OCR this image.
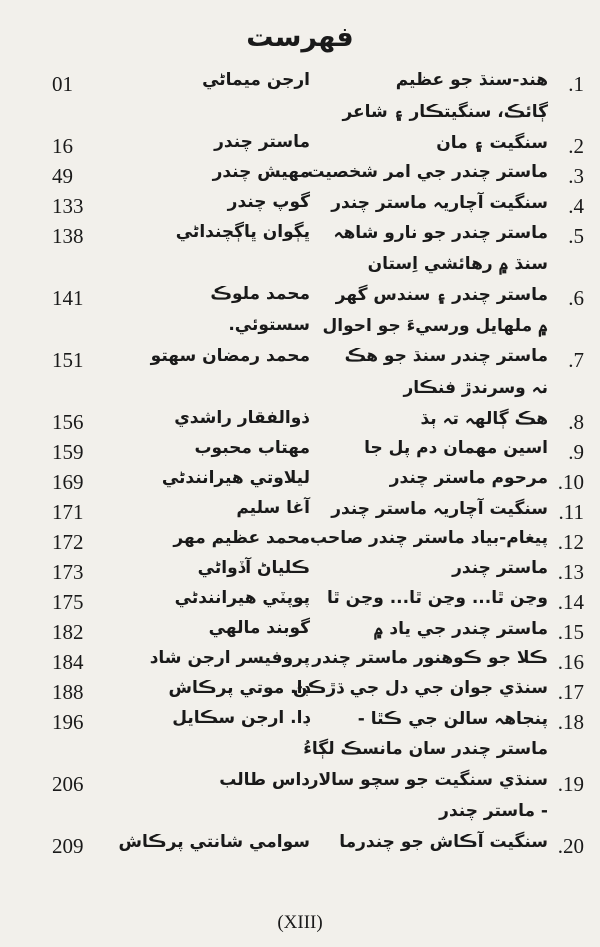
فهرست
.1
هند-سنڌ جو عظيم
ڳائڪ، سنگيتڪار ۽ شاعر
ارجن ميماڻي
01
.2
سنگيت ۽ مان
ماستر چندر
16
.3
ماستر چندر جي امر شخصيت
مهيش چندر
49
.4
سنگيت آچاريہ ماستر چندر
گوپ چندر
133
.5
ماستر چندر جو نارو شاهہ
سنڌ ۾ رهائشي اِستان
ڀڳوان ڀاڳچنداڻي
138
.6
ماستر چندر ۽ سندس گهر
۾ ملهايل ورسيءَ جو احوال
محمد ملوڪ
سستوئي.
141
.7
ماستر چندر سنڌ جو هڪ
نہ وسرندڙ فنڪار
محمد رمضان سهتو
151
.8
هڪ ڳالهہ تہ ٻڌ
ذوالفقار راشدي
156
.9
اسين مهمان دم پل جا
مهتاب محبوب
159
.10
مرحوم ماستر چندر
ليلاوتي هيرانندڻي
169
.11
سنگيت آچاريہ ماستر چندر
آغا سليم
171
.12
پيغام-بياد ماستر چندر صاحب
محمد عظيم مهر
172
.13
ماستر چندر
ڪلياڻ آڏواڻي
173
.14
وڃن ٿا... وڃن ٿا... وڃن ٿا
پوپٽي هيرانندڻي
175
.15
ماستر چندر جي ياد ۾
گوبند مالهي
182
.16
ڪلا جو ڪوهنور ماستر چندر
پروفيسر ارجن شاد
184
.17
سنڌي جوان جي دل جي ڌڙڪڻ
ڊا. موتي پرڪاش
188
.18
پنجاهہ سالن جي ڪٿا -
ماستر چندر سان مانسڪ لڳاءُ
ڊا. ارجن سڪايل
196
.19
سنڌي سنگيت جو سچو سالار
- ماستر چندر
داس طالب
206
.20
سنگيت آڪاش جو چندرما
سوامي شانتي پرڪاش
209
(XIII)
